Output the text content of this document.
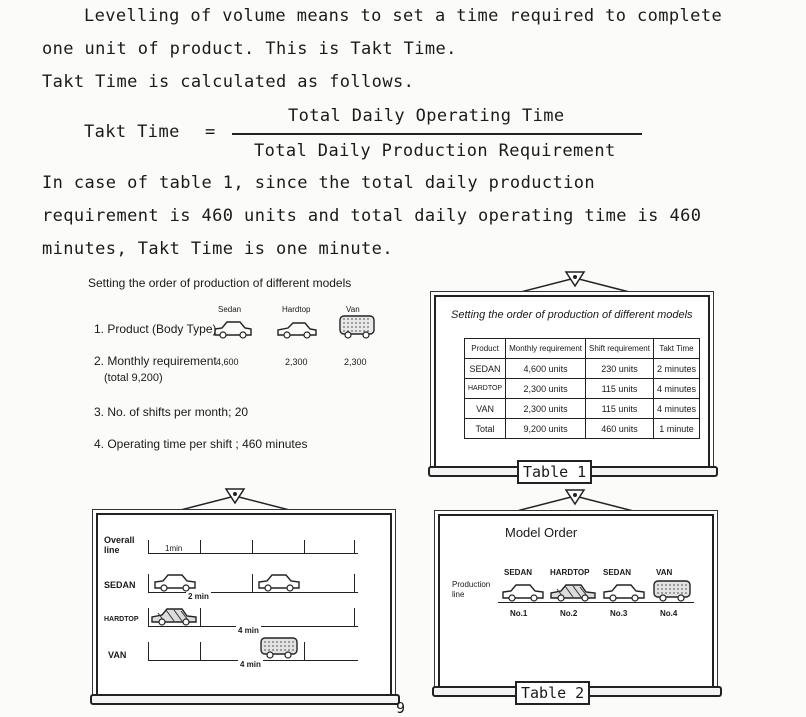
Levelling of volume means to set a time required to complete
one unit of product. This is Takt Time.
Takt Time is calculated as follows.
Takt Time =
Total Daily Operating Time
Total Daily Production Requirement
In case of table 1, since the total daily production
requirement is 460 units and total daily operating time is 460
minutes, Takt Time is one minute.
Setting the order of production of different models
Sedan	Hardtop	Van
1. Product (Body Type)
2. Monthly requirement
(total 9,200)
4,600	2,300	2,300
3. No. of shifts per month; 20
4. Operating time per shift ; 460 minutes
Setting the order of production of different models
Product	Monthly requirement	Shift requirement	Takt Time
SEDAN	4,600 units	230 units	2 minutes
HARDTOP	2,300 units	115 units	4 minutes
VAN	2,300 units	115 units	4 minutes
Total	9,200 units	460 units	1 minute
Table 1
Overall line	1min
SEDAN
2 min
HARDTOP
4 min
VAN
4 min
Model Order
SEDAN HARDTOP SEDAN	VAN
Production line
No.1	No.2	No.3	No.4
Table 2
9
